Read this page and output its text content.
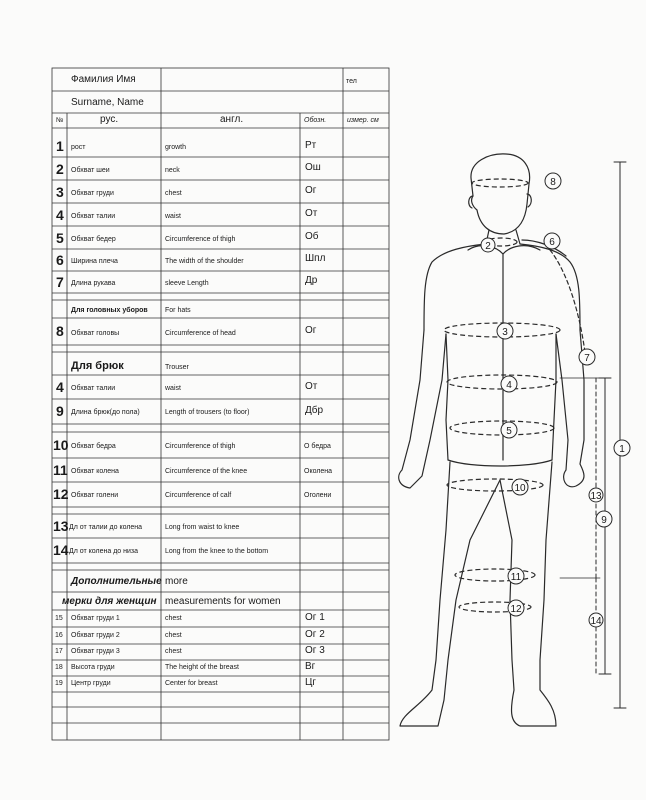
Фамилия Имя	тел
Surname, Name
№	рус.	англ.	Обозн.	измер. см
1 рост	growth	Рт
2 Обхват шеи	neck	Ош
3 Обхват груди	chest	Ог
4 Обхват талии	waist	От
5 Обхват бедер	Circumference of thigh	Об
6 Ширина плеча	The width of the shoulder	Шпл
7 Длина рукава	sleeve Length	Др
Для головных уборов For hats
8 Обхват головы	Circumference of head	Ог
Для брюк	Trouser
4 Обхват талии	waist	От
9 Длина брюк(до пола)	Length of trousers (to floor)	Дбр
10 Обхват бедра	Circumference of thigh	О бедра
11 Обхват колена	Circumference of the knee	Околена
12 Обхват голени	Circumference of calf	Оголени
13 Дл от талии до колена	Long from waist to knee
14 Дл от колена до низа	Long from the knee to the bottom
Дополнительные more
мерки для женщин measurements for women
15 Обхват груди 1	chest	Ог 1
16 Обхват груди 2	chest	Ог 2
17 Обхват груди 3	chest	Ог 3
18 Высота груди	The height of the breast	Вг
19 Центр груди	Center for breast	Цг
1
2
3
4
5
6
7
8
9
10
11
12
13
14
